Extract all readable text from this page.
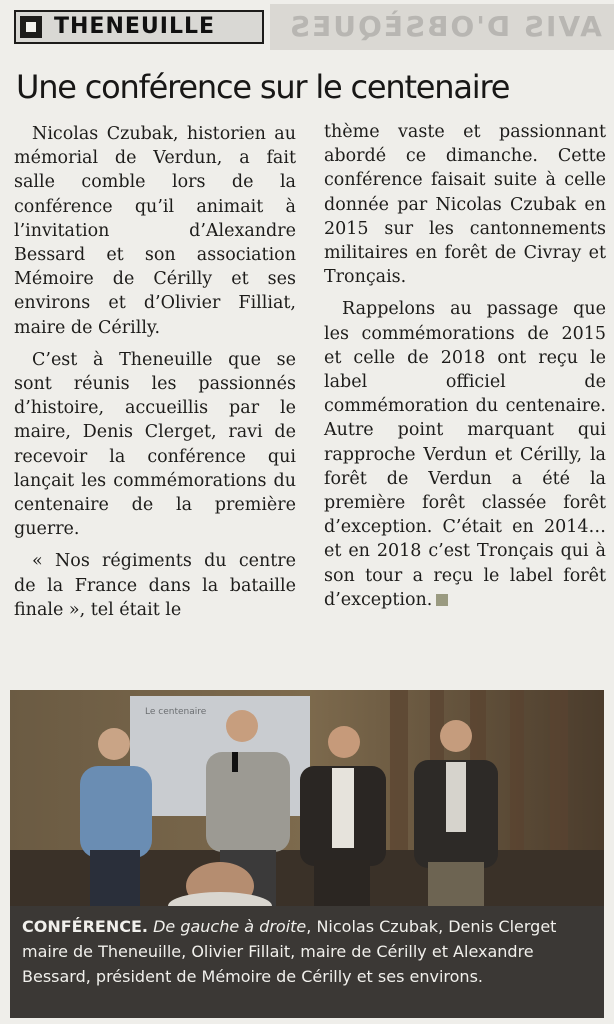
THENEUILLE	AVIS D'OBSÈQUES
Une conférence sur le centenaire

Nicolas Czubak, historien au mémorial de Verdun, a fait salle comble lors de la conférence qu’il animait à l’invitation d’Alexandre Bessard et son association Mémoire de Cérilly et ses environs et d’Olivier Filliat, maire de Cérilly.

C’est à Theneuille que se sont réunis les passionnés d’histoire, accueillis par le maire, Denis Clerget, ravi de recevoir la conférence qui lançait les commémorations du centenaire de la première guerre.

« Nos régiments du centre de la France dans la bataille finale », tel était le

thème vaste et passionnant abordé ce dimanche. Cette conférence faisait suite à celle donnée par Nicolas Czubak en 2015 sur les cantonnements militaires en forêt de Civray et Tronçais.

Rappelons au passage que les commémorations de 2015 et celle de 2018 ont reçu le label officiel de commémoration du centenaire. Autre point marquant qui rapproche Verdun et Cérilly, la forêt de Verdun a été la première forêt classée forêt d’exception. C’était en 2014… et en 2018 c’est Tronçais qui à son tour a reçu le label forêt d’exception.

Le centenaire

CONFÉRENCE. De gauche à droite, Nicolas Czubak, Denis Clerget maire de Theneuille, Olivier Fillait, maire de Cérilly et Alexandre Bessard, président de Mémoire de Cérilly et ses environs.
